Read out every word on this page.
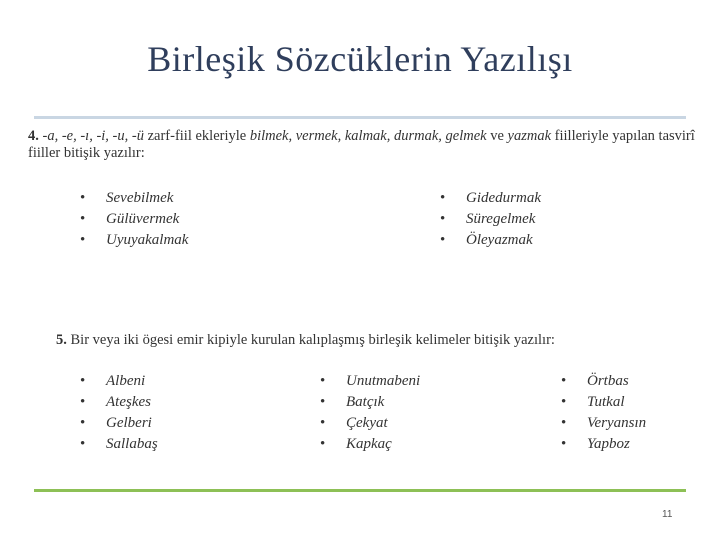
Birleşik Sözcüklerin Yazılışı
4. -a, -e, -ı, -i, -u, -ü zarf-fiil ekleriyle bilmek, vermek, kalmak, durmak, gelmek ve yazmak fiilleriyle yapılan tasvirî fiiller bitişik yazılır:
• Sevebilmek
• Gülüvermek
• Uyuyakalmak
• Gidedurmak
• Süregelmek
• Öleyazmak
5. Bir veya iki ögesi emir kipiyle kurulan kalıplaşmış birleşik kelimeler bitişik yazılır:
• Albeni
• Ateşkes
• Gelberi
• Sallabaş
• Unutmabeni
• Batçık
• Çekyat
• Kapkaç
• Örtbas
• Tutkal
• Veryansın
• Yapboz
11
